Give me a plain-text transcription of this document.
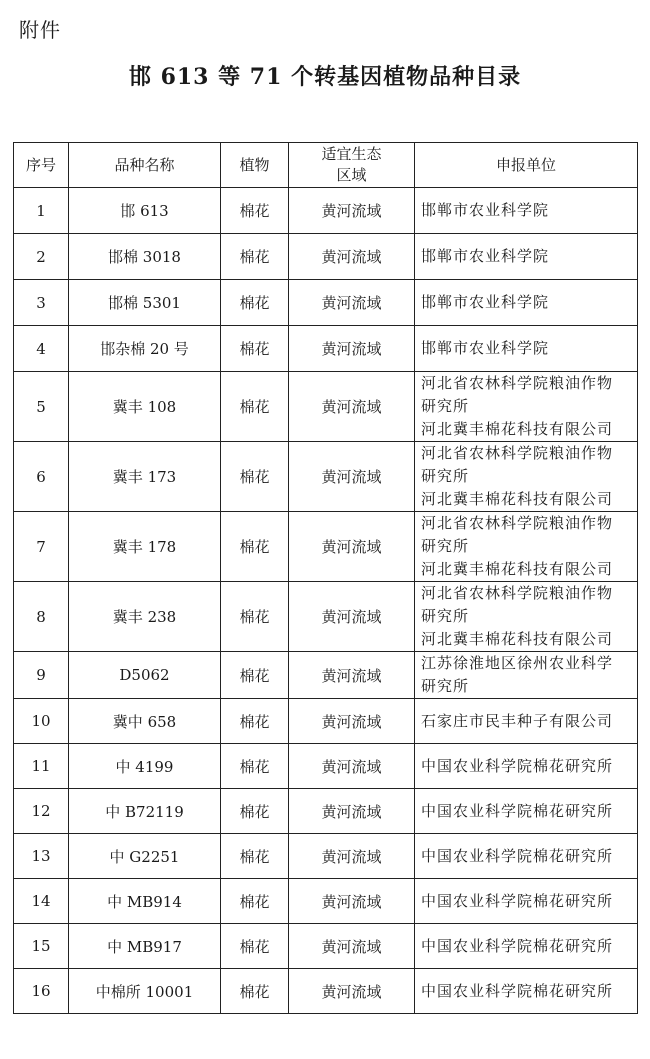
附件
邯 613 等 71 个转基因植物品种目录
序号	品种名称	植物	适宜生态
区域	申报单位
1	邯 613	棉花	黄河流域	邯郸市农业科学院

2	邯棉 3018	棉花	黄河流域	邯郸市农业科学院

3	邯棉 5301	棉花	黄河流域	邯郸市农业科学院

4	邯杂棉 20 号	棉花	黄河流域	邯郸市农业科学院

5	冀丰 108	棉花	黄河流域	河北省农林科学院粮油作物
研究所
河北冀丰棉花科技有限公司

6	冀丰 173	棉花	黄河流域	河北省农林科学院粮油作物
研究所
河北冀丰棉花科技有限公司

7	冀丰 178	棉花	黄河流域	河北省农林科学院粮油作物
研究所
河北冀丰棉花科技有限公司

8	冀丰 238	棉花	黄河流域	河北省农林科学院粮油作物
研究所
河北冀丰棉花科技有限公司

9	D5062	棉花	黄河流域	江苏徐淮地区徐州农业科学
研究所

10	冀中 658	棉花	黄河流域	石家庄市民丰种子有限公司

11	中 4199	棉花	黄河流域	中国农业科学院棉花研究所

12	中 B72119	棉花	黄河流域	中国农业科学院棉花研究所

13	中 G2251	棉花	黄河流域	中国农业科学院棉花研究所

14	中 MB914	棉花	黄河流域	中国农业科学院棉花研究所

15	中 MB917	棉花	黄河流域	中国农业科学院棉花研究所

16	中棉所 10001	棉花	黄河流域	中国农业科学院棉花研究所
